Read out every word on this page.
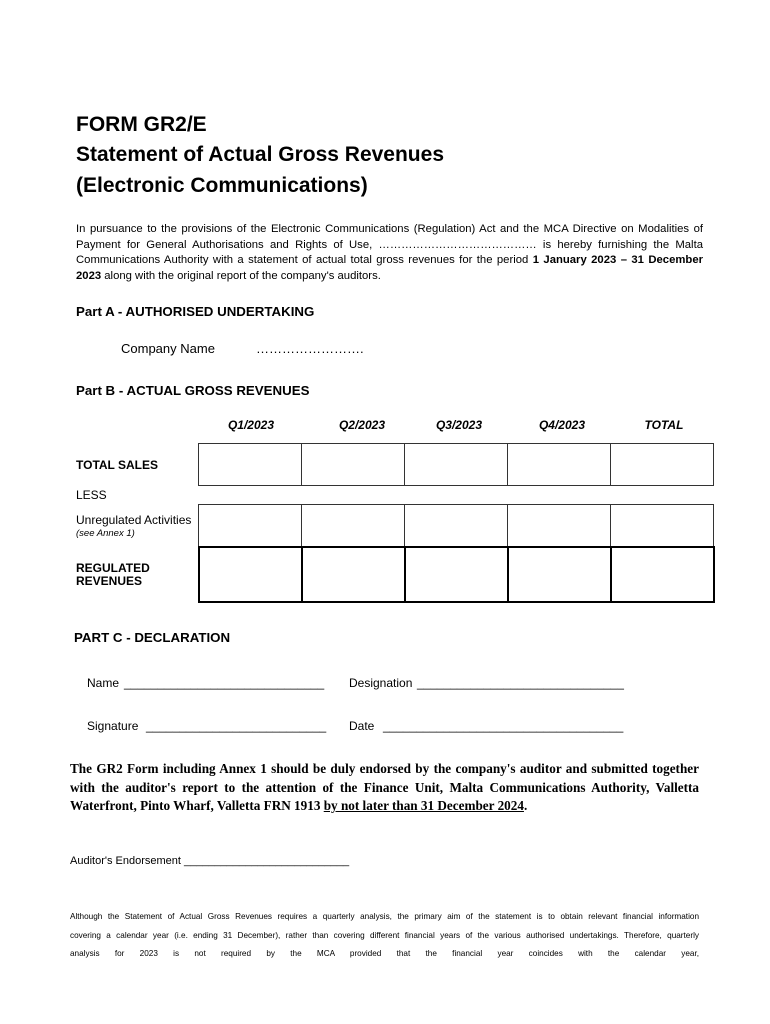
FORM GR2/E
Statement of Actual Gross Revenues
(Electronic Communications)
In pursuance to the provisions of the Electronic Communications (Regulation) Act and the MCA Directive on Modalities of Payment for General Authorisations and Rights of Use, …………………………………… is hereby furnishing the Malta Communications Authority with a statement of actual total gross revenues for the period 1 January 2023 – 31 December 2023 along with the original report of the company's auditors.
Part A - AUTHORISED UNDERTAKING
Company Name	…………………….
Part B - ACTUAL GROSS REVENUES
Q1/2023	Q2/2023	Q3/2023	Q4/2023	TOTAL
TOTAL SALES

LESS
Unregulated Activities
(see Annex 1)

REGULATED
REVENUES

PART C - DECLARATION
Name ______________________________ Designation _______________________________
Signature ___________________________ Date ____________________________________
The GR2 Form including Annex 1 should be duly endorsed by the company's auditor and submitted together with the auditor's report to the attention of the Finance Unit, Malta Communications Authority, Valletta Waterfront, Pinto Wharf, Valletta FRN 1913 by not later than 31 December 2024.
Auditor's Endorsement ___________________________
Although the Statement of Actual Gross Revenues requires a quarterly analysis, the primary aim of the statement is to obtain relevant financial information
covering a calendar year (i.e. ending 31 December), rather than covering different financial years of the various authorised undertakings. Therefore, quarterly
analysis for 2023 is not required by the MCA provided that the financial year coincides with the calendar year,
